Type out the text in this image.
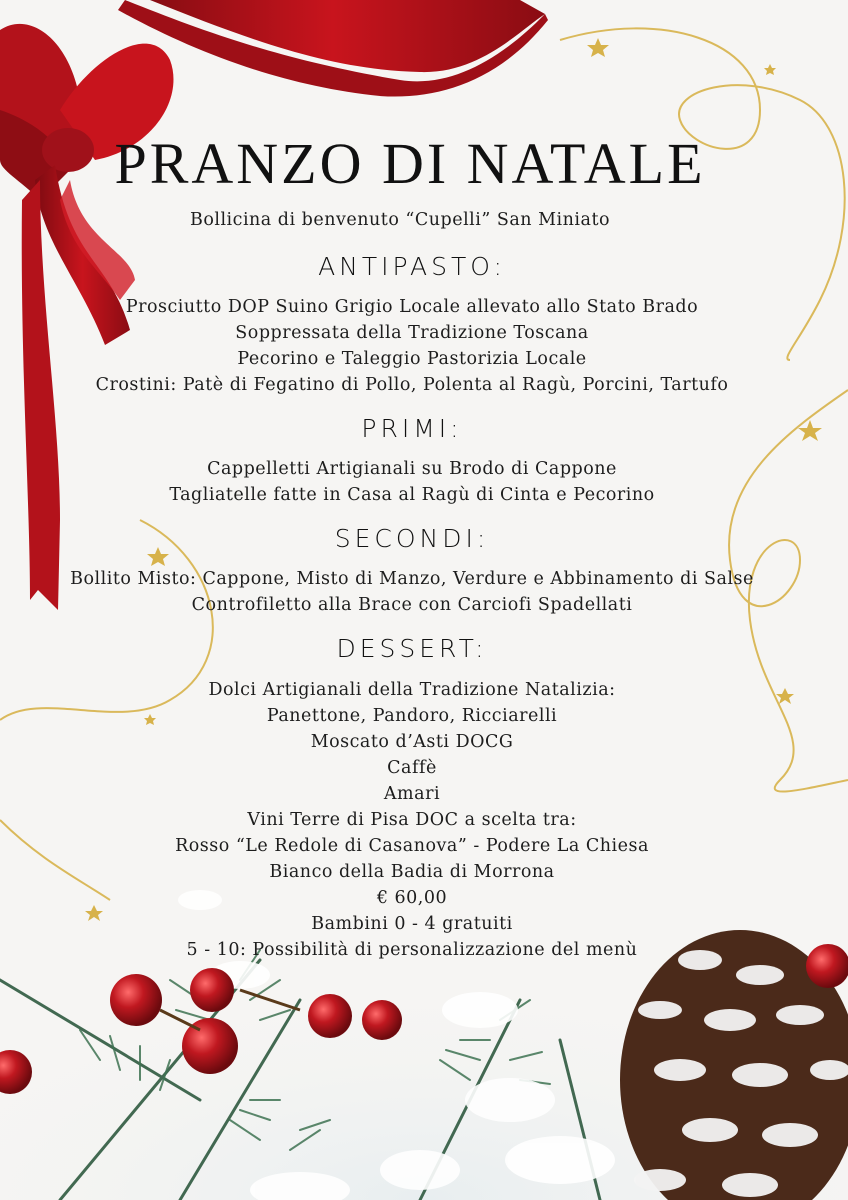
PRANZO DI NATALE
Bollicina di benvenuto “Cupelli” San Miniato
ANTIPASTO:
Prosciutto DOP Suino Grigio Locale allevato allo Stato Brado
Soppressata della Tradizione Toscana
Pecorino e Taleggio Pastorizia Locale
Crostini: Patè di Fegatino di Pollo, Polenta al Ragù, Porcini, Tartufo
PRIMI:
Cappelletti Artigianali su Brodo di Cappone
Tagliatelle fatte in Casa al Ragù di Cinta e Pecorino
SECONDI:
Bollito Misto: Cappone, Misto di Manzo, Verdure e Abbinamento di Salse
Controfiletto alla Brace con Carciofi Spadellati
DESSERT:
Dolci Artigianali della Tradizione Natalizia:
Panettone, Pandoro, Ricciarelli
Moscato d’Asti DOCG
Caffè
Amari
Vini Terre di Pisa DOC a scelta tra:
Rosso “Le Redole di Casanova” - Podere La Chiesa
Bianco della Badia di Morrona
€ 60,00
Bambini 0 - 4 gratuiti
5 - 10: Possibilità di personalizzazione del menù
